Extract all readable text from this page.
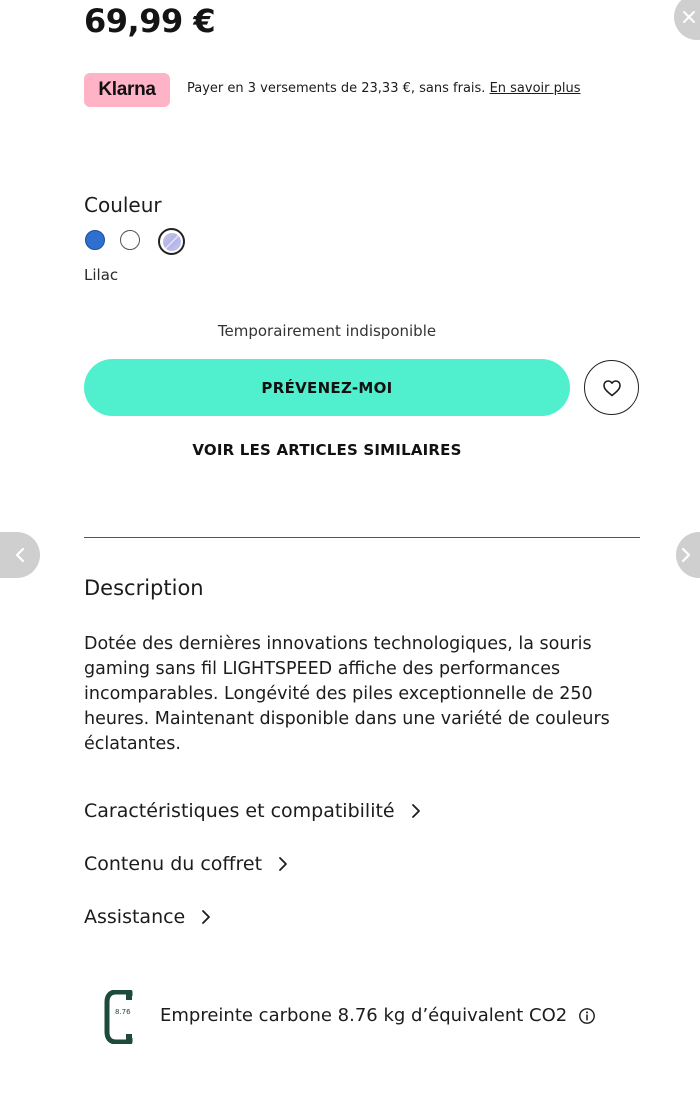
69,99 €
Klarna	Payer en 3 versements de 23,33 €, sans frais. En savoir plus
Couleur
Lilac
Temporairement indisponible
PRÉVENEZ-MOI
VOIR LES ARTICLES SIMILAIRES
Description
Dotée des dernières innovations technologiques, la souris gaming sans fil LIGHTSPEED affiche des performances incomparables. Longévité des piles exceptionnelle de 250 heures. Maintenant disponible dans une variété de couleurs éclatantes.
Caractéristiques et compatibilité
Contenu du coffret
Assistance
8.76 Empreinte carbone 8.76 kg d’équivalent CO2
